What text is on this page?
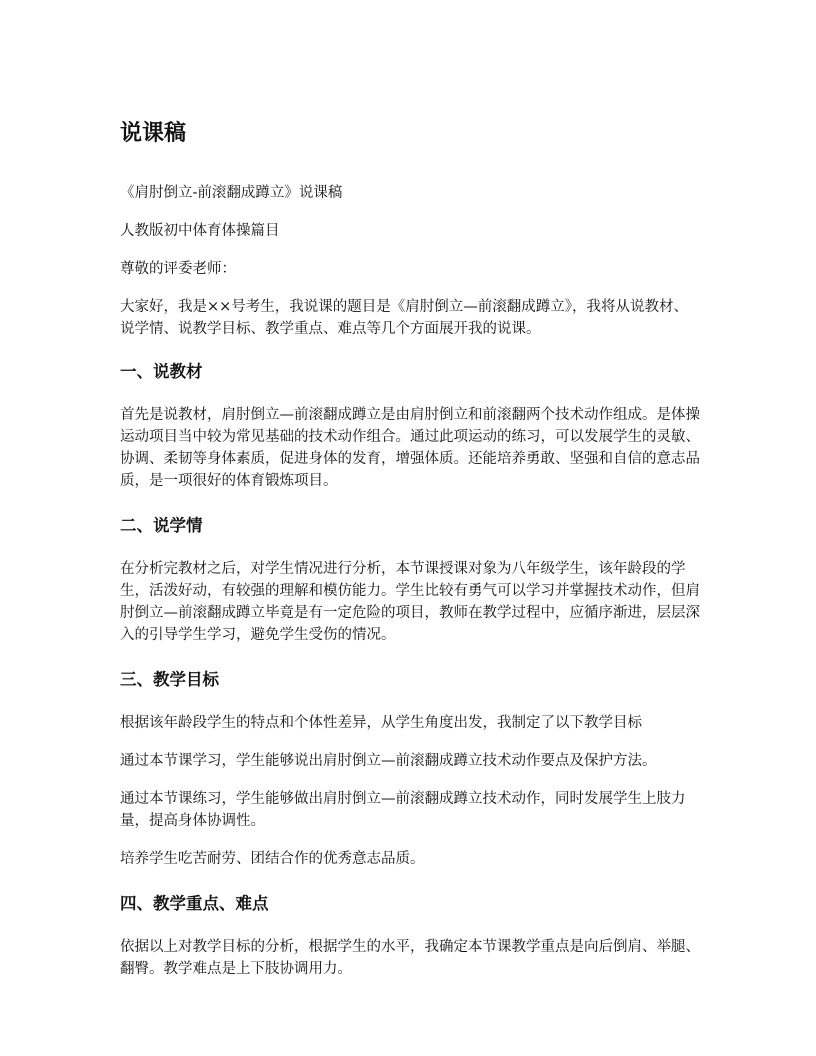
说课稿

《肩肘倒立-前滚翻成蹲立》说课稿

人教版初中体育体操篇目

尊敬的评委老师：

大家好，我是××号考生，我说课的题目是《肩肘倒立—前滚翻成蹲立》，我将从说教材、说学情、说教学目标、教学重点、难点等几个方面展开我的说课。

一、说教材

首先是说教材，肩肘倒立—前滚翻成蹲立是由肩肘倒立和前滚翻两个技术动作组成。是体操运动项目当中较为常见基础的技术动作组合。通过此项运动的练习，可以发展学生的灵敏、协调、柔韧等身体素质，促进身体的发育，增强体质。还能培养勇敢、坚强和自信的意志品质，是一项很好的体育锻炼项目。

二、说学情

在分析完教材之后，对学生情况进行分析，本节课授课对象为八年级学生，该年龄段的学生，活泼好动，有较强的理解和模仿能力。学生比较有勇气可以学习并掌握技术动作，但肩肘倒立—前滚翻成蹲立毕竟是有一定危险的项目，教师在教学过程中，应循序渐进，层层深入的引导学生学习，避免学生受伤的情况。

三、教学目标

根据该年龄段学生的特点和个体性差异，从学生角度出发，我制定了以下教学目标

通过本节课学习，学生能够说出肩肘倒立—前滚翻成蹲立技术动作要点及保护方法。

通过本节课练习，学生能够做出肩肘倒立—前滚翻成蹲立技术动作，同时发展学生上肢力量，提高身体协调性。

培养学生吃苦耐劳、团结合作的优秀意志品质。

四、教学重点、难点

依据以上对教学目标的分析，根据学生的水平，我确定本节课教学重点是向后倒肩、举腿、翻臀。教学难点是上下肢协调用力。
